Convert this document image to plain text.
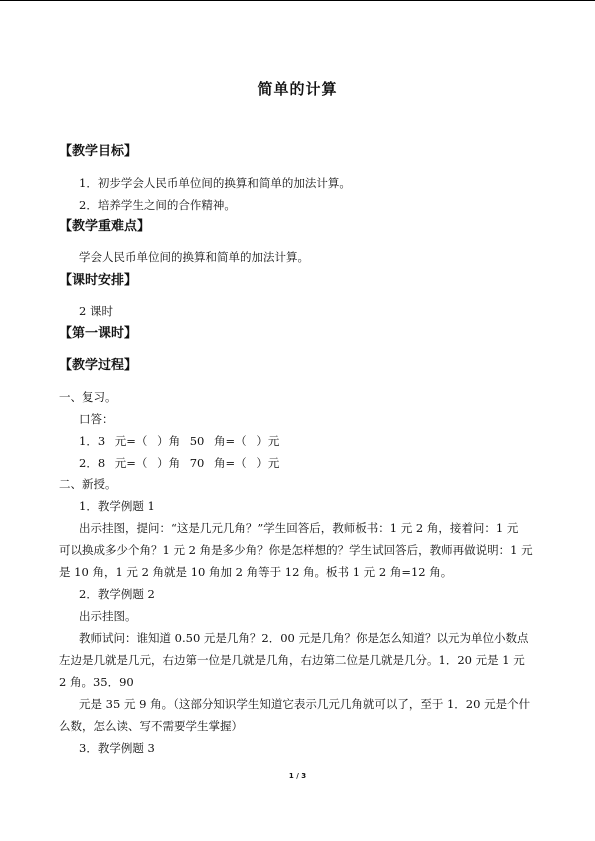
简单的计算
【教学目标】
1．初步学会人民币单位间的换算和简单的加法计算。
2．培养学生之间的合作精神。
【教学重难点】
学会人民币单位间的换算和简单的加法计算。
【课时安排】
2 课时
【第一课时】
【教学过程】
一、复习。
口答：
1．3 元=（ ）角 50 角=（ ）元
2．8 元=（ ）角 70 角=（ ）元
二、新授。
1．教学例题 1
出示挂图，提问：“这是几元几角？”学生回答后，教师板书：1 元 2 角，接着问：1 元
可以换成多少个角？1 元 2 角是多少角？你是怎样想的？学生试回答后，教师再做说明：1 元
是 10 角，1 元 2 角就是 10 角加 2 角等于 12 角。板书 1 元 2 角=12 角。
2．教学例题 2
出示挂图。
教师试问：谁知道 0.50 元是几角？2．00 元是几角？你是怎么知道？以元为单位小数点
左边是几就是几元，右边第一位是几就是几角，右边第二位是几就是几分。1．20 元是 1 元
2 角。35．90
元是 35 元 9 角。（这部分知识学生知道它表示几元几角就可以了，至于 1．20 元是个什
么数，怎么读、写不需要学生掌握）
3．教学例题 3
1 / 3
